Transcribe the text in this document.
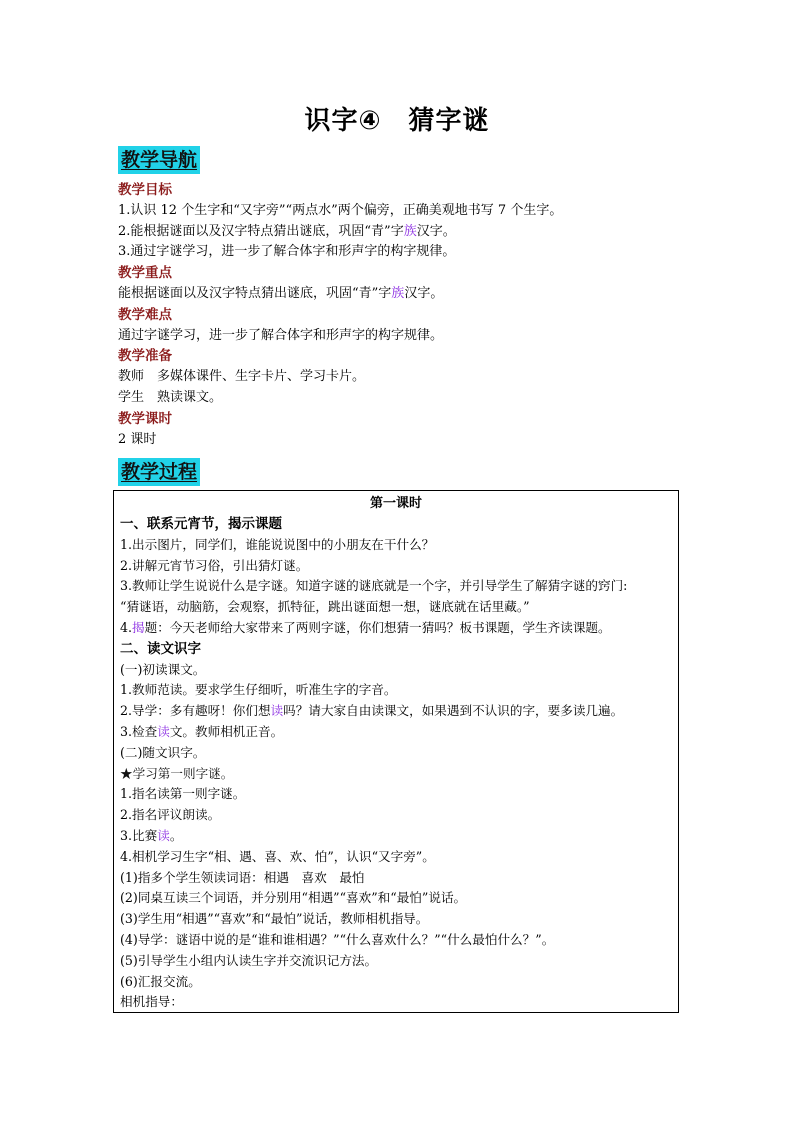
识字④　猜字谜
教学导航
教学目标
1.认识 12 个生字和“又字旁”“两点水”两个偏旁，正确美观地书写 7 个生字。
2.能根据谜面以及汉字特点猜出谜底，巩固“青”字族汉字。
3.通过字谜学习，进一步了解合体字和形声字的构字规律。
教学重点
能根据谜面以及汉字特点猜出谜底，巩固“青”字族汉字。
教学难点
通过字谜学习，进一步了解合体字和形声字的构字规律。
教学准备
教师　多媒体课件、生字卡片、学习卡片。
学生　熟读课文。
教学课时
2 课时
教学过程
第一课时
一、联系元宵节，揭示课题
1.出示图片，同学们，谁能说说图中的小朋友在干什么？
2.讲解元宵节习俗，引出猜灯谜。
3.教师让学生说说什么是字谜。知道字谜的谜底就是一个字，并引导学生了解猜字谜的窍门:
“猜谜语，动脑筋，会观察，抓特征，跳出谜面想一想，谜底就在话里藏。”
4.揭题：今天老师给大家带来了两则字谜，你们想猜一猜吗？板书课题，学生齐读课题。
二、读文识字
(一)初读课文。
1.教师范读。要求学生仔细听，听准生字的字音。
2.导学：多有趣呀！你们想读吗？请大家自由读课文，如果遇到不认识的字，要多读几遍。
3.检查读文。教师相机正音。
(二)随文识字。
★学习第一则字谜。
1.指名读第一则字谜。
2.指名评议朗读。
3.比赛读。
4.相机学习生字“相、遇、喜、欢、怕”，认识“又字旁”。
(1)指多个学生领读词语：相遇　喜欢　最怕
(2)同桌互读三个词语，并分别用“相遇”“喜欢”和“最怕”说话。
(3)学生用“相遇”“喜欢”和“最怕”说话，教师相机指导。
(4)导学：谜语中说的是“谁和谁相遇？”“什么喜欢什么？”“什么最怕什么？”。
(5)引导学生小组内认读生字并交流识记方法。
(6)汇报交流。
相机指导：
